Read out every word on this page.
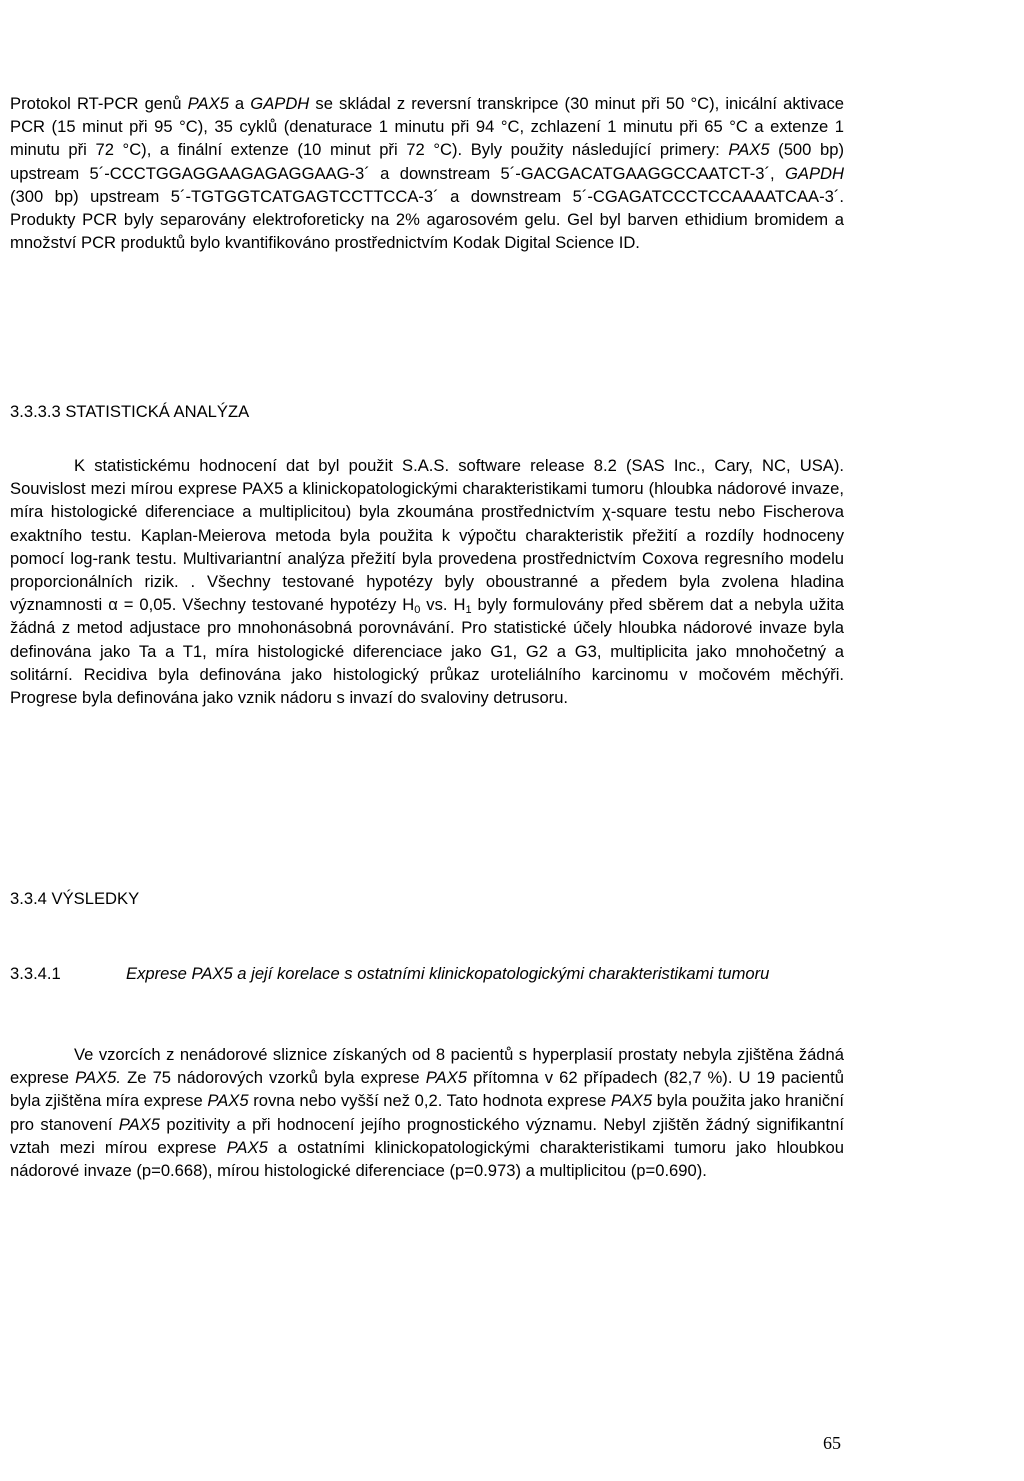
Protokol RT-PCR genů PAX5 a GAPDH se skládal z reversní transkripce (30 minut při 50 °C), inicální aktivace PCR (15 minut při 95 °C), 35 cyklů (denaturace 1 minutu při 94 °C, zchlazení 1 minutu při 65 °C a extenze 1 minutu při 72 °C), a finální extenze (10 minut při 72 °C). Byly použity následující primery: PAX5 (500 bp) upstream 5´-CCCTGGAGGAAGAGAGGAAG-3´ a downstream 5´-GACGACATGAAGGCCAATCT-3´, GAPDH (300 bp) upstream 5´-TGTGGTCATGAGTCCTTCCA-3´ a downstream 5´-CGAGATCCCTCCAAAATCAA-3´. Produkty PCR byly separovány elektroforeticky na 2% agarosovém gelu. Gel byl barven ethidium bromidem a množství PCR produktů bylo kvantifikováno prostřednictvím Kodak Digital Science ID.

3.3.3.3 STATISTICKÁ ANALÝZA

K statistickému hodnocení dat byl použit S.A.S. software release 8.2 (SAS Inc., Cary, NC, USA). Souvislost mezi mírou exprese PAX5 a klinickopatologickými charakteristikami tumoru (hloubka nádorové invaze, míra histologické diferenciace a multiplicitou) byla zkoumána prostřednictvím χ-square testu nebo Fischerova exaktního testu. Kaplan-Meierova metoda byla použita k výpočtu charakteristik přežití a rozdíly hodnoceny pomocí log-rank testu. Multivariantní analýza přežití byla provedena prostřednictvím Coxova regresního modelu proporcionálních rizik. . Všechny testované hypotézy byly oboustranné a předem byla zvolena hladina významnosti α = 0,05. Všechny testované hypotézy $H_0$ vs. $H_1$ byly formulovány před sběrem dat a nebyla užita žádná z metod adjustace pro mnohonásobná porovnávání. Pro statistické účely hloubka nádorové invaze byla definována jako Ta a T1, míra histologické diferenciace jako G1, G2 a G3, multiplicita jako mnohočetný a solitární. Recidiva byla definována jako histologický průkaz uroteliálního karcinomu v močovém měchýři. Progrese byla definována jako vznik nádoru s invazí do svaloviny detrusoru.

3.3.4 VÝSLEDKY

3.3.4.1	Exprese PAX5 a její korelace s ostatními klinickopatologickými charakteristikami tumoru

Ve vzorcích z nenádorové sliznice získaných od 8 pacientů s hyperplasií prostaty nebyla zjištěna žádná exprese PAX5. Ze 75 nádorových vzorků byla exprese PAX5 přítomna v 62 případech (82,7 %). U 19 pacientů byla zjištěna míra exprese PAX5 rovna nebo vyšší než 0,2. Tato hodnota exprese PAX5 byla použita jako hraniční pro stanovení PAX5 pozitivity a při hodnocení jejího prognostického významu. Nebyl zjištěn žádný signifikantní vztah mezi mírou exprese PAX5 a ostatními klinickopatologickými charakteristikami tumoru jako hloubkou nádorové invaze (p=0.668), mírou histologické diferenciace (p=0.973) a multiplicitou (p=0.690).

65
